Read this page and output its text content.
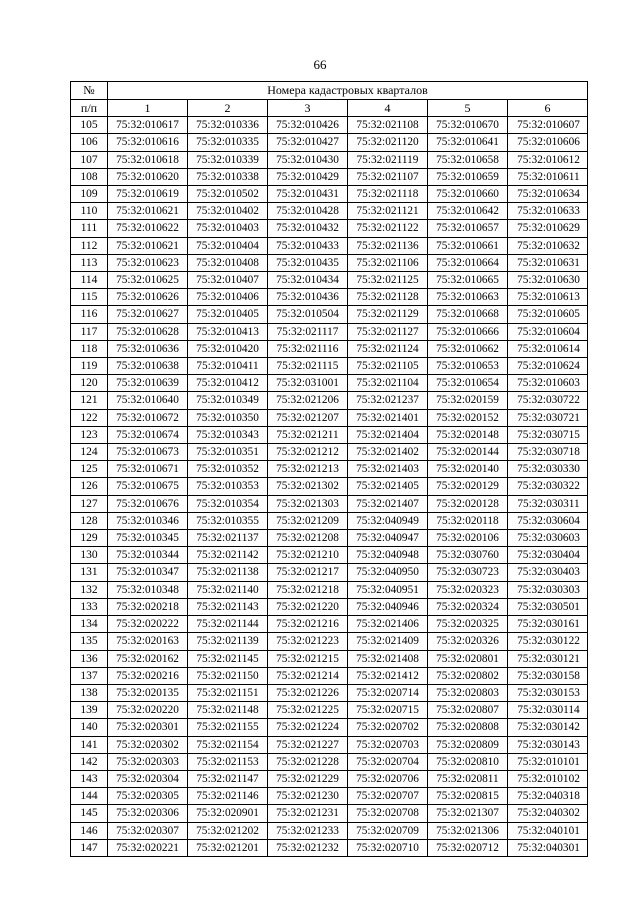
66
№	Номера кадастровых кварталов					
п/п	1	2	3	4	5	6
105	75:32:010617	75:32:010336	75:32:010426	75:32:021108	75:32:010670	75:32:010607
106	75:32:010616	75:32:010335	75:32:010427	75:32:021120	75:32:010641	75:32:010606
107	75:32:010618	75:32:010339	75:32:010430	75:32:021119	75:32:010658	75:32:010612
108	75:32:010620	75:32:010338	75:32:010429	75:32:021107	75:32:010659	75:32:010611
109	75:32:010619	75:32:010502	75:32:010431	75:32:021118	75:32:010660	75:32:010634
110	75:32:010621	75:32:010402	75:32:010428	75:32:021121	75:32:010642	75:32:010633
111	75:32:010622	75:32:010403	75:32:010432	75:32:021122	75:32:010657	75:32:010629
112	75:32:010621	75:32:010404	75:32:010433	75:32:021136	75:32:010661	75:32:010632
113	75:32:010623	75:32:010408	75:32:010435	75:32:021106	75:32:010664	75:32:010631
114	75:32:010625	75:32:010407	75:32:010434	75:32:021125	75:32:010665	75:32:010630
115	75:32:010626	75:32:010406	75:32:010436	75:32:021128	75:32:010663	75:32:010613
116	75:32:010627	75:32:010405	75:32:010504	75:32:021129	75:32:010668	75:32:010605
117	75:32:010628	75:32:010413	75:32:021117	75:32:021127	75:32:010666	75:32:010604
118	75:32:010636	75:32:010420	75:32:021116	75:32:021124	75:32:010662	75:32:010614
119	75:32:010638	75:32:010411	75:32:021115	75:32:021105	75:32:010653	75:32:010624
120	75:32:010639	75:32:010412	75:32:031001	75:32:021104	75:32:010654	75:32:010603
121	75:32:010640	75:32:010349	75:32:021206	75:32:021237	75:32:020159	75:32:030722
122	75:32:010672	75:32:010350	75:32:021207	75:32:021401	75:32:020152	75:32:030721
123	75:32:010674	75:32:010343	75:32:021211	75:32:021404	75:32:020148	75:32:030715
124	75:32:010673	75:32:010351	75:32:021212	75:32:021402	75:32:020144	75:32:030718
125	75:32:010671	75:32:010352	75:32:021213	75:32:021403	75:32:020140	75:32:030330
126	75:32:010675	75:32:010353	75:32:021302	75:32:021405	75:32:020129	75:32:030322
127	75:32:010676	75:32:010354	75:32:021303	75:32:021407	75:32:020128	75:32:030311
128	75:32:010346	75:32:010355	75:32:021209	75:32:040949	75:32:020118	75:32:030604
129	75:32:010345	75:32:021137	75:32:021208	75:32:040947	75:32:020106	75:32:030603
130	75:32:010344	75:32:021142	75:32:021210	75:32:040948	75:32:030760	75:32:030404
131	75:32:010347	75:32:021138	75:32:021217	75:32:040950	75:32:030723	75:32:030403
132	75:32:010348	75:32:021140	75:32:021218	75:32:040951	75:32:020323	75:32:030303
133	75:32:020218	75:32:021143	75:32:021220	75:32:040946	75:32:020324	75:32:030501
134	75:32:020222	75:32:021144	75:32:021216	75:32:021406	75:32:020325	75:32:030161
135	75:32:020163	75:32:021139	75:32:021223	75:32:021409	75:32:020326	75:32:030122
136	75:32:020162	75:32:021145	75:32:021215	75:32:021408	75:32:020801	75:32:030121
137	75:32:020216	75:32:021150	75:32:021214	75:32:021412	75:32:020802	75:32:030158
138	75:32:020135	75:32:021151	75:32:021226	75:32:020714	75:32:020803	75:32:030153
139	75:32:020220	75:32:021148	75:32:021225	75:32:020715	75:32:020807	75:32:030114
140	75:32:020301	75:32:021155	75:32:021224	75:32:020702	75:32:020808	75:32:030142
141	75:32:020302	75:32:021154	75:32:021227	75:32:020703	75:32:020809	75:32:030143
142	75:32:020303	75:32:021153	75:32:021228	75:32:020704	75:32:020810	75:32:010101
143	75:32:020304	75:32:021147	75:32:021229	75:32:020706	75:32:020811	75:32:010102
144	75:32:020305	75:32:021146	75:32:021230	75:32:020707	75:32:020815	75:32:040318
145	75:32:020306	75:32:020901	75:32:021231	75:32:020708	75:32:021307	75:32:040302
146	75:32:020307	75:32:021202	75:32:021233	75:32:020709	75:32:021306	75:32:040101
147	75:32:020221	75:32:021201	75:32:021232	75:32:020710	75:32:020712	75:32:040301
